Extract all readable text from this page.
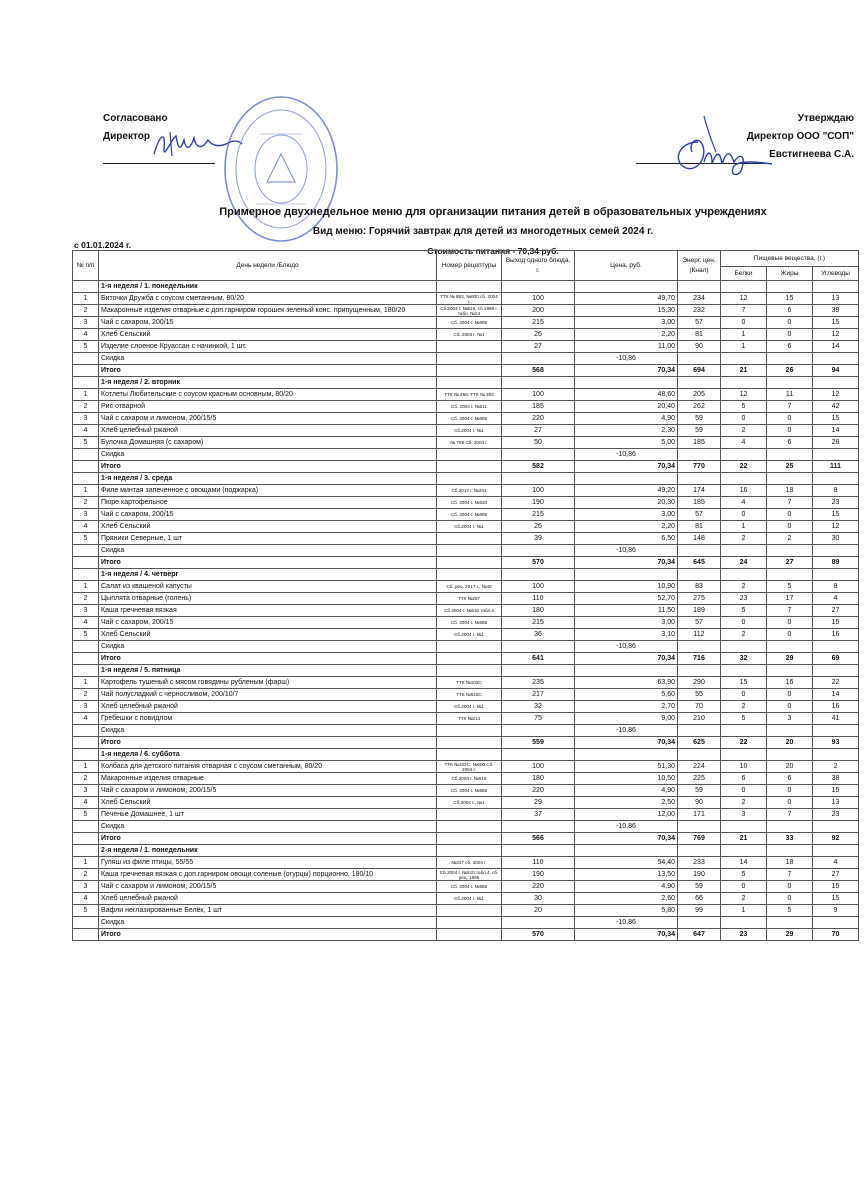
Согласовано
Директор
Утверждаю
Директор ООО "СОП"
Евстигнеева С.А.
Примерное двухнедельное меню для организации питания детей в образовательных учреждениях
Вид меню: Горячий завтрак для детей из многодетных семей 2024 г.
Стоимость питания - 70,34 руб.
с 01.01.2024 г.
№ п/п	День недели /Блюдо	Номер рецептуры	Выход одного блюда, г.	Цена, руб.	Энерг. цен. (Кнал)	Пищевые вещества, (г.)		
						Белки	Жиры	Углеводы
	1-я неделя / 1. понедельник							
1	Биточки Дружба с соусом сметанным, 80/20	ТТК № 853, №600 сб. 2004 г.	100	49,70	234	12	15	13
2	Макаронные изделия отварные с доп.гарниром горошек зеленый конс. припущенным, 180/20	Сб.2004 г. №516, сб.1996 г. табл. №24	200	15,30	232	7	6	39
3	Чай с сахаром, 200/15	Сб. 2004 г. №685	215	3,00	57	0	0	15
4	Хлеб Сельский	Сб. 2004 г. №1	26	2,20	81	1	0	12
5	Изделие слоеное Круассан с начинкой, 1 шт.		27	11,00	90	1	6	14
	Скидка			-10,86				
	Итого		568	70,34	694	21	26	94
	1-я неделя / 2. вторник							
1	Котлеты Любительские с соусом красным основным, 80/20	ТТК № 286, ТТК № 362	100	48,60	205	12	11	12
2	Рис отварной	Сб. 2004 г. №511	185	20,40	262	5	7	42
3	Чай с сахаром и лимоном, 200/15/5	Сб. 2004 г. №686	220	4,90	59	0	0	15
4	Хлеб целебный ржаной	Сб.2004 г. №1	27	2,30	59	2	0	14
5	Булочка Домашняя (с сахаром)	№ 769 Сб. 2004 г.	50	5,00	185	4	6	28
	Скидка			-10,86				
	Итого		582	70,34	770	22	25	111
	1-я неделя / 3. среда							
1	Филе минтая запеченное с овощами (поджарка)	Сб.2017 г. №231	100	49,20	174	16	18	8
2	Пюре картофельное	Сб. 2004 г. №520	190	20,30	185	4	7	23
3	Чай с сахаром, 200/15	Сб. 2004 г. №685	215	3,00	57	0	0	15
4	Хлеб Сельский	Сб.2004 г. №1	26	2,20	81	1	0	12
5	Пряники Северные, 1 шт		39	6,50	148	2	2	30
	Скидка			-10,86				
	Итого		570	70,34	645	24	27	89
	1-я неделя / 4. четверг							
1	Салат из квашеной капусты	Сб. рец. 2017 г., №45	100	10,90	83	2	5	8
2	Цыплята отварные (голень)	ТТК №287	110	52,70	275	23	17	4
3	Каша гречневая вязкая	Сб.2004 г. №510 табл.4	180	11,50	189	5	7	27
4	Чай с сахаром, 200/15	Сб. 2004 г. №685	215	3,00	57	0	0	15
5	Хлеб Сельский	Сб.2004 г. №1	36	3,10	112	2	0	16
	Скидка			-10,86				
	Итого		641	70,34	716	32	29	69
	1-я неделя / 5. пятница							
1	Картофель тушеный с мясом говядины рубленым (фарш)	ТТК №102С	235	63,90	290	15	16	22
2	Чай полусладкий с черносливом, 200/10/7	ТТК №515С	217	5,60	55	0	0	14
3	Хлеб целебный ржаной	Сб.2004 г. №1	32	2,70	70	2	0	16
4	Гребешки с повидлом	ТТК №214	75	9,00	210	5	3	41
	Скидка			-10,86				
	Итого		559	70,34	625	22	20	93
	1-я неделя / 6. суббота							
1	Колбаса для детского питания отварная с соусом сметанным, 80/20	ТТК №103С, №600 Сб. 2004 г.	100	51,30	224	10	20	2
2	Макаронные изделия отварные	Сб.2004 г. №516	180	10,50	225	6	6	38
3	Чай с сахаром и лимоном, 200/15/5	Сб. 2004 г. №686	220	4,90	59	0	0	15
4	Хлеб Сельский	Сб.2004 г., №1	29	2,50	90	2	0	13
5	Печенье Домашнее, 1 шт		37	12,00	171	3	7	23
	Скидка			-10,86				
	Итого		566	70,34	769	21	33	92
	2-я неделя / 1. понедельник							
1	Гуляш из филе птицы, 55/55	№437 сб. 2004 г.	110	54,40	233	14	18	4
2	Каша гречневая вязкая с доп.гарниром овощи соленые (огурцы) порционно, 180/10	Сб.2004 г. №510 табл.4, сб. рец. 1996	190	13,50	190	5	7	27
3	Чай с сахаром и лимоном, 200/15/5	Сб. 2004 г. №686	220	4,90	59	0	0	15
4	Хлеб целебный ржаной	Сб.2004 г. №1	30	2,60	66	2	0	15
5	Вафли неглазированные Белёк, 1 шт		20	5,80	99	1	5	9
	Скидка			-10,86				
	Итого		570	70,34	647	23	29	70
